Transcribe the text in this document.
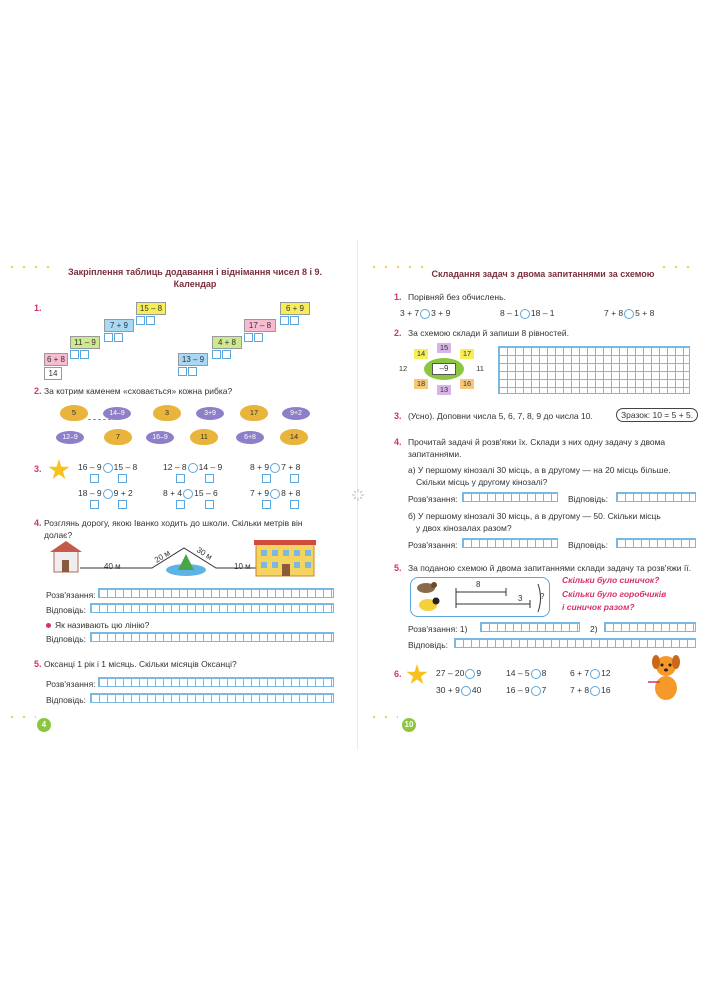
Закріплення таблиць додавання і віднімання чисел 8 і 9.
Календар
1.	15 – 8
7 + 9
11 – 9
6 + 8
14
6 + 9
17 – 8
4 + 8
13 – 9
2. За котрим каменем «сховається» кожна рибка?
5	14–9	3	3+9	17	9+2
12–9	7	16–9	11	6+8	14
3.	16 – 9 15 – 8	12 – 8 14 – 9	8 + 9 7 + 8
18 – 9 9 + 2	8 + 4 15 – 6	7 + 9 8 + 8
4. Розглянь дорогу, якою Іванко ходить до школи. Скільки метрів він
долає?
40 м
20 м	30 м
10 м
Розв'язання:
Відповідь:
Як називають цю лінію?
Відповідь:
5. Оксанці 1 рік і 1 місяць. Скільки місяців Оксанці?
Розв'язання:
Відповідь:
4
Складання задач з двома запитаннями за схемою
1. Порівняй без обчислень.
3 + 7 3 + 9	8 – 1 18 – 1	7 + 8 5 + 8
2. За схемою склади й запиши 8 рівностей.
–9
15
14	17
12	11
18	16
13
3. (Усно). Доповни числа 5, 6, 7, 8, 9 до числа 10.	Зразок: 10 = 5 + 5.
4. Прочитай задачі й розв'яжи їх. Склади з них одну задачу з двома
запитаннями.
а) У першому кінозалі 30 місць, а в другому — на 20 місць більше.
Скільки місць у другому кінозалі?
Розв'язання:	Відповідь:
б) У першому кінозалі 30 місць, а в другому — 50. Скільки місць
у двох кінозалах разом?
Розв'язання:	Відповідь:
5. За поданою схемою й двома запитаннями склади задачу та розв'яжи її.
8
3 ?
Скільки було синичок?
Скільки було горобчиків
і синичок разом?
Розв'язання: 1)	2)
Відповідь:
6.	27 – 20 9	14 – 5 8	6 + 7 12
30 + 9 40	16 – 9 7	7 + 8 16
10
